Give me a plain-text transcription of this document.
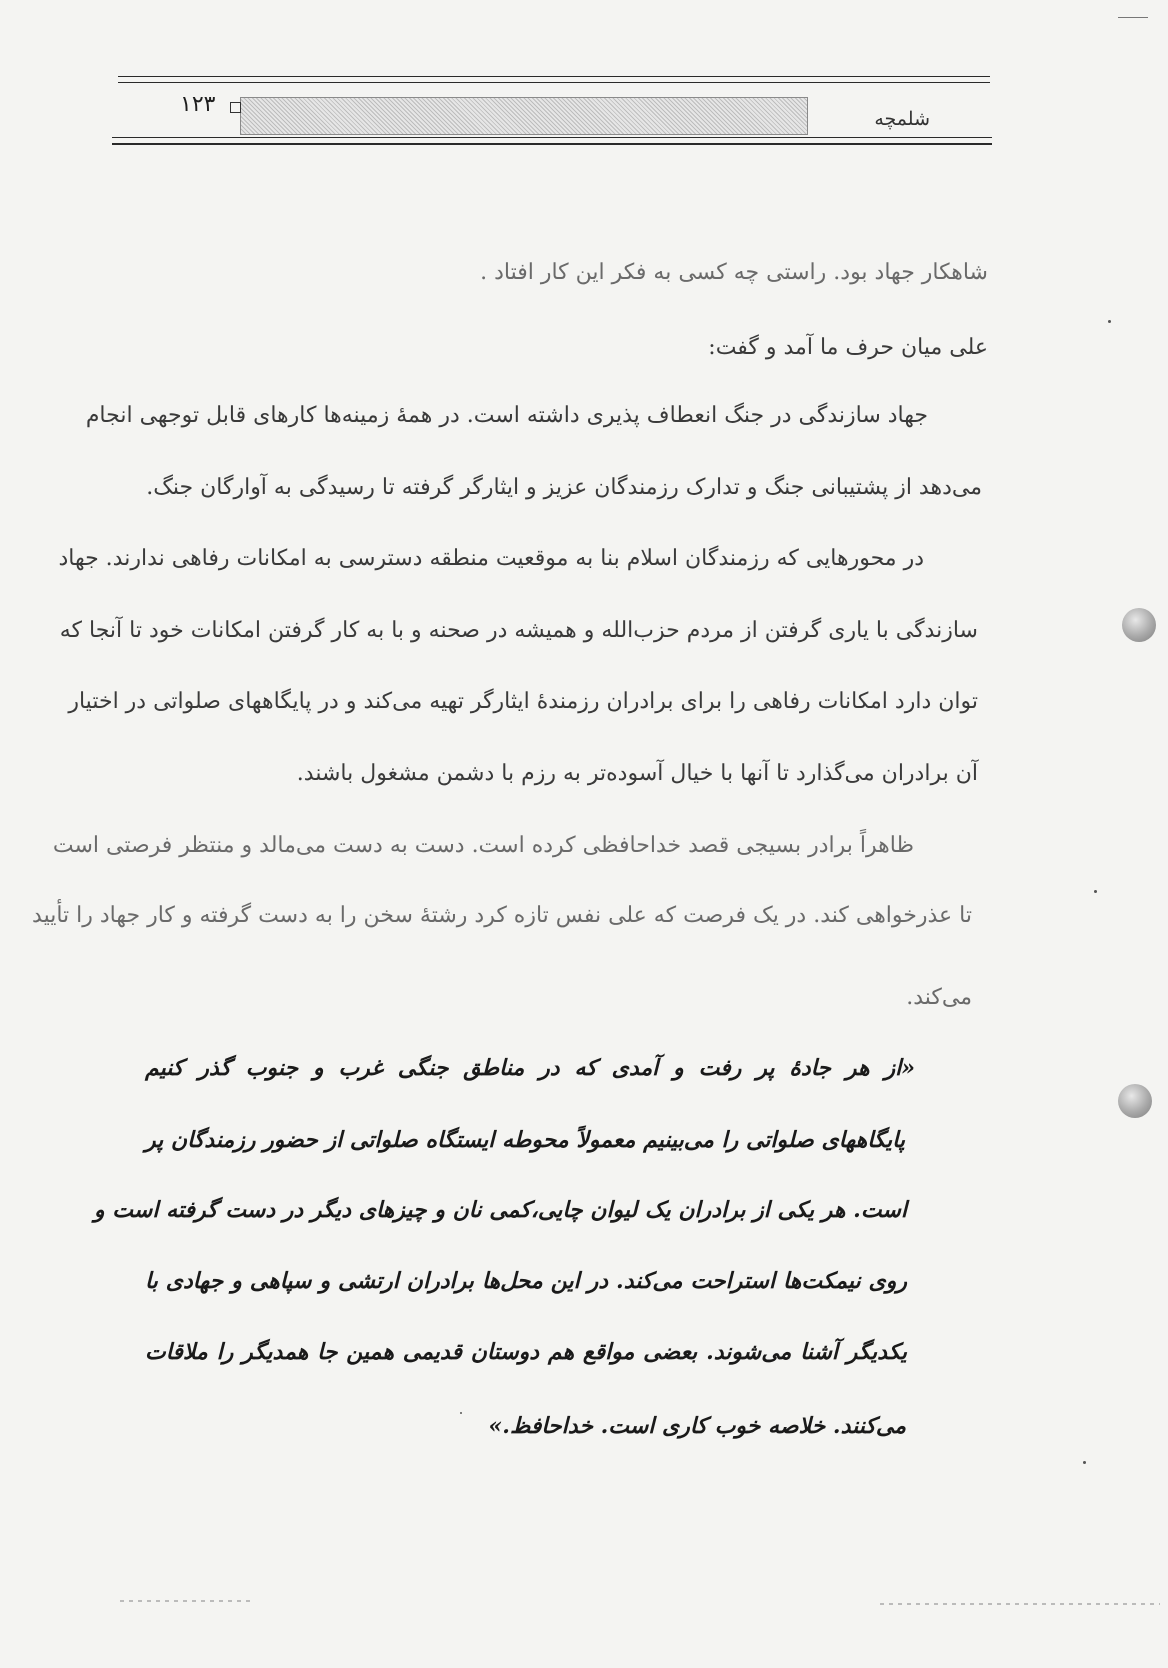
۱۲۳
شلمچه
شاهکار جهاد بود. راستی چه کسی به فکر این کار افتاد .
علی میان حرف ما آمد و گفت:
جهاد سازندگی در جنگ انعطاف پذیری داشته است. در همهٔ زمینه‌ها کارهای قابل توجهی انجام
می‌دهد از پشتیبانی جنگ و تدارک رزمندگان عزیز و ایثارگر گرفته تا رسیدگی به آوارگان جنگ.
در محورهایی که رزمندگان اسلام بنا به موقعیت منطقه دسترسی به امکانات رفاهی ندارند. جهاد
سازندگی با یاری گرفتن از مردم حزب‌الله و همیشه در صحنه و با به کار گرفتن امکانات خود تا آنجا که
توان دارد امکانات رفاهی را برای برادران رزمندهٔ ایثارگر تهیه می‌کند و در پایگاههای صلواتی در اختیار
آن برادران می‌گذارد تا آنها با خیال آسوده‌تر به رزم با دشمن مشغول باشند.
ظاهراً برادر بسیجی قصد خداحافظی کرده است. دست به دست می‌مالد و منتظر فرصتی است
تا عذرخواهی کند. در یک فرصت که علی نفس تازه کرد رشتهٔ سخن را به دست گرفته و کار جهاد را تأیید
می‌کند.
«از هر جادهٔ پر رفت و آمدی که در مناطق جنگی غرب و جنوب گذر کنیم
پایگاههای صلواتی را می‌بینیم معمولاً محوطه ایستگاه صلواتی از حضور رزمندگان پر
است. هر یکی از برادران یک لیوان چایی،کمی نان و چیزهای دیگر در دست گرفته است و
روی نیمکت‌ها استراحت می‌کند. در این محل‌ها برادران ارتشی و سپاهی و جهادی با
یکدیگر آشنا می‌شوند. بعضی مواقع هم دوستان قدیمی همین جا همدیگر را ملاقات
می‌کنند. خلاصه خوب کاری است. خداحافظ.»
